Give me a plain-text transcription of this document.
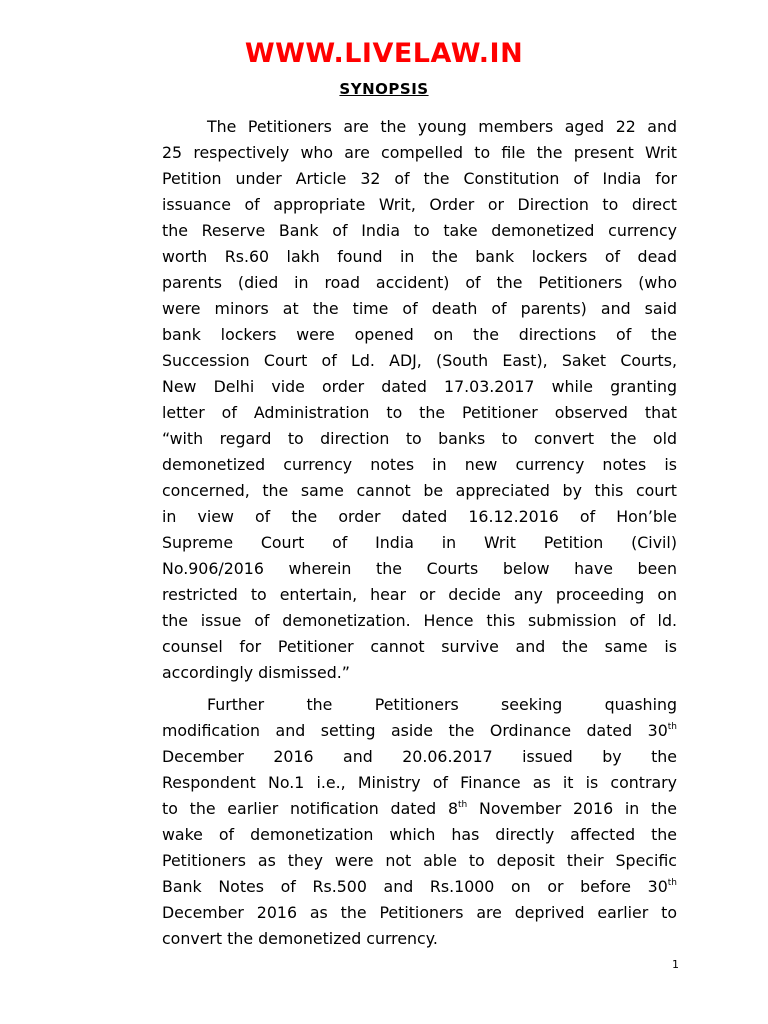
WWW.LIVELAW.IN
SYNOPSIS
The Petitioners are the young members aged 22 and
25 respectively who are compelled to file the present Writ
Petition under Article 32 of the Constitution of India for
issuance of appropriate Writ, Order or Direction to direct
the Reserve Bank of India to take demonetized currency
worth Rs.60 lakh found in the bank lockers of dead
parents (died in road accident) of the Petitioners (who
were minors at the time of death of parents) and said
bank lockers were opened on the directions of the
Succession Court of Ld. ADJ, (South East), Saket Courts,
New Delhi vide order dated 17.03.2017 while granting
letter of Administration to the Petitioner observed that
“with regard to direction to banks to convert the old
demonetized currency notes in new currency notes is
concerned, the same cannot be appreciated by this court
in view of the order dated 16.12.2016 of Hon’ble
Supreme Court of India in Writ Petition (Civil)
No.906/2016 wherein the Courts below have been
restricted to entertain, hear or decide any proceeding on
the issue of demonetization. Hence this submission of ld.
counsel for Petitioner cannot survive and the same is
accordingly dismissed.”
Further the Petitioners seeking quashing
modification and setting aside the Ordinance dated 30th
December 2016 and 20.06.2017 issued by the
Respondent No.1 i.e., Ministry of Finance as it is contrary
to the earlier notification dated 8th November 2016 in the
wake of demonetization which has directly affected the
Petitioners as they were not able to deposit their Specific
Bank Notes of Rs.500 and Rs.1000 on or before 30th
December 2016 as the Petitioners are deprived earlier to
convert the demonetized currency.
1
